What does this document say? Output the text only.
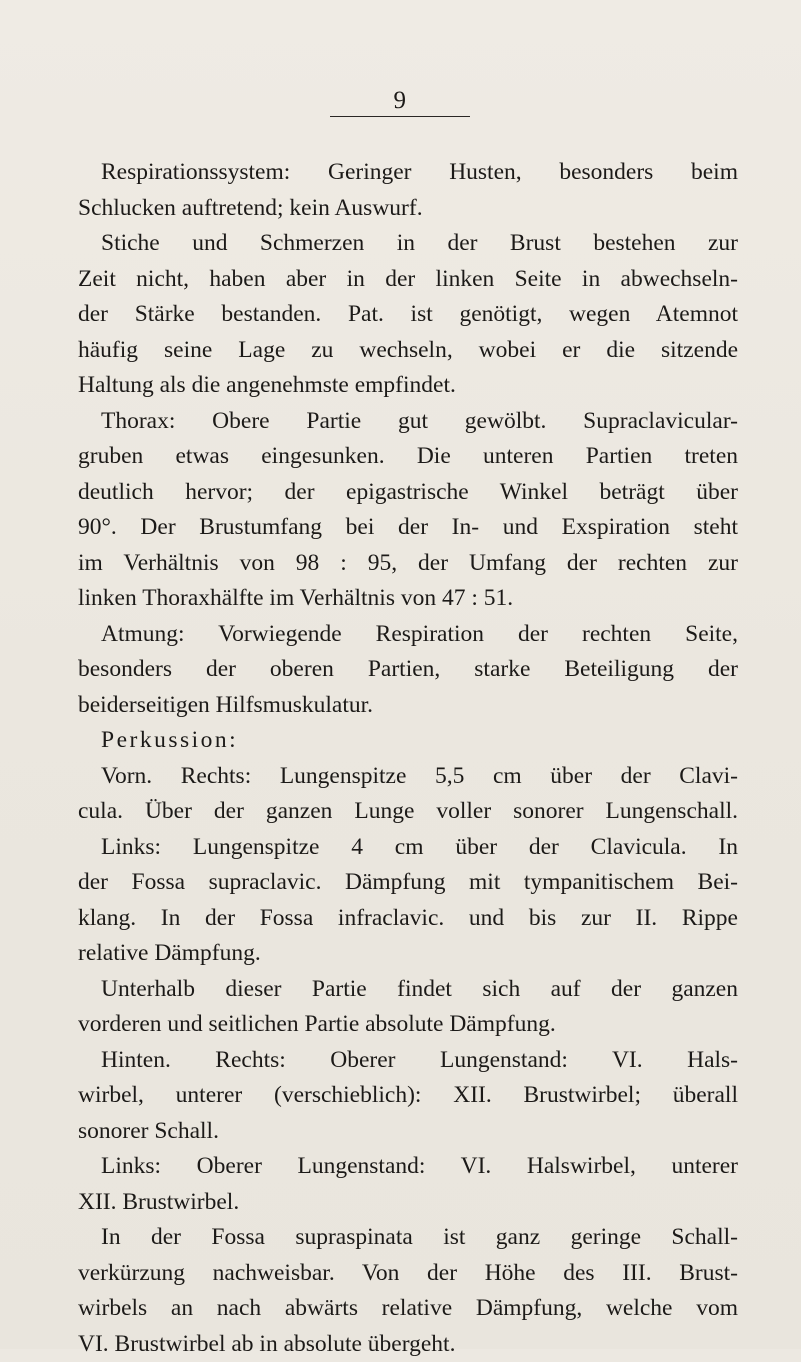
9
Respirationssystem: Geringer Husten, besonders beim
Schlucken auftretend; kein Auswurf.
Stiche und Schmerzen in der Brust bestehen zur
Zeit nicht, haben aber in der linken Seite in abwechseln-
der Stärke bestanden. Pat. ist genötigt, wegen Atemnot
häufig seine Lage zu wechseln, wobei er die sitzende
Haltung als die angenehmste empfindet.
Thorax: Obere Partie gut gewölbt. Supraclavicular-
gruben etwas eingesunken. Die unteren Partien treten
deutlich hervor; der epigastrische Winkel beträgt über
90°. Der Brustumfang bei der In- und Exspiration steht
im Verhältnis von 98 : 95, der Umfang der rechten zur
linken Thoraxhälfte im Verhältnis von 47 : 51.
Atmung: Vorwiegende Respiration der rechten Seite,
besonders der oberen Partien, starke Beteiligung der
beiderseitigen Hilfsmuskulatur.
Perkussion:
Vorn. Rechts: Lungenspitze 5,5 cm über der Clavi-
cula. Über der ganzen Lunge voller sonorer Lungenschall.
Links: Lungenspitze 4 cm über der Clavicula. In
der Fossa supraclavic. Dämpfung mit tympanitischem Bei-
klang. In der Fossa infraclavic. und bis zur II. Rippe
relative Dämpfung.
Unterhalb dieser Partie findet sich auf der ganzen
vorderen und seitlichen Partie absolute Dämpfung.
Hinten. Rechts: Oberer Lungenstand: VI. Hals-
wirbel, unterer (verschieblich): XII. Brustwirbel; überall
sonorer Schall.
Links: Oberer Lungenstand: VI. Halswirbel, unterer
XII. Brustwirbel.
In der Fossa supraspinata ist ganz geringe Schall-
verkürzung nachweisbar. Von der Höhe des III. Brust-
wirbels an nach abwärts relative Dämpfung, welche vom
VI. Brustwirbel ab in absolute übergeht.
